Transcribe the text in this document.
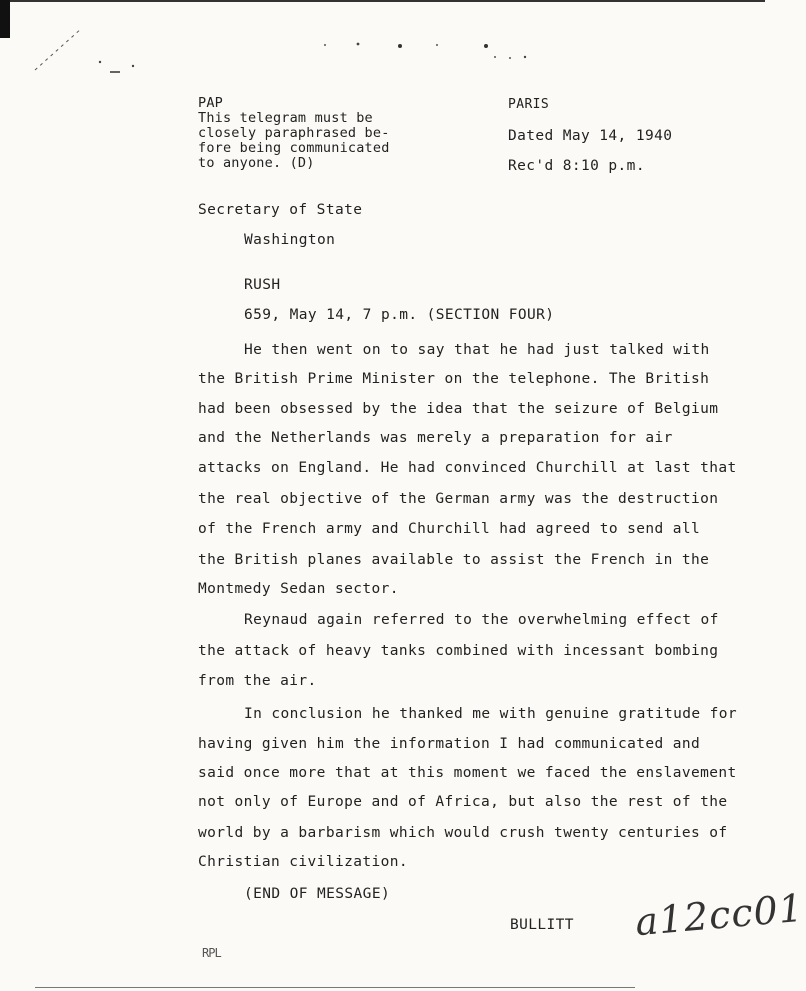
PAP
This telegram must be
closely paraphrased be-
fore being communicated
to anyone. (D)
PARIS
Dated May 14, 1940
Rec'd 8:10 p.m.
Secretary of State
Washington
RUSH
659, May 14, 7 p.m. (SECTION FOUR)
He then went on to say that he had just talked with
the British Prime Minister on the telephone. The British
had been obsessed by the idea that the seizure of Belgium
and the Netherlands was merely a preparation for air
attacks on England. He had convinced Churchill at last that
the real objective of the German army was the destruction
of the French army and Churchill had agreed to send all
the British planes available to assist the French in the
Montmedy Sedan sector.
Reynaud again referred to the overwhelming effect of
the attack of heavy tanks combined with incessant bombing
from the air.
In conclusion he thanked me with genuine gratitude for
having given him the information I had communicated and
said once more that at this moment we faced the enslavement
not only of Europe and of Africa, but also the rest of the
world by a barbarism which would crush twenty centuries of
Christian civilization.
(END OF MESSAGE)
BULLITT
RPL
a12cc01
